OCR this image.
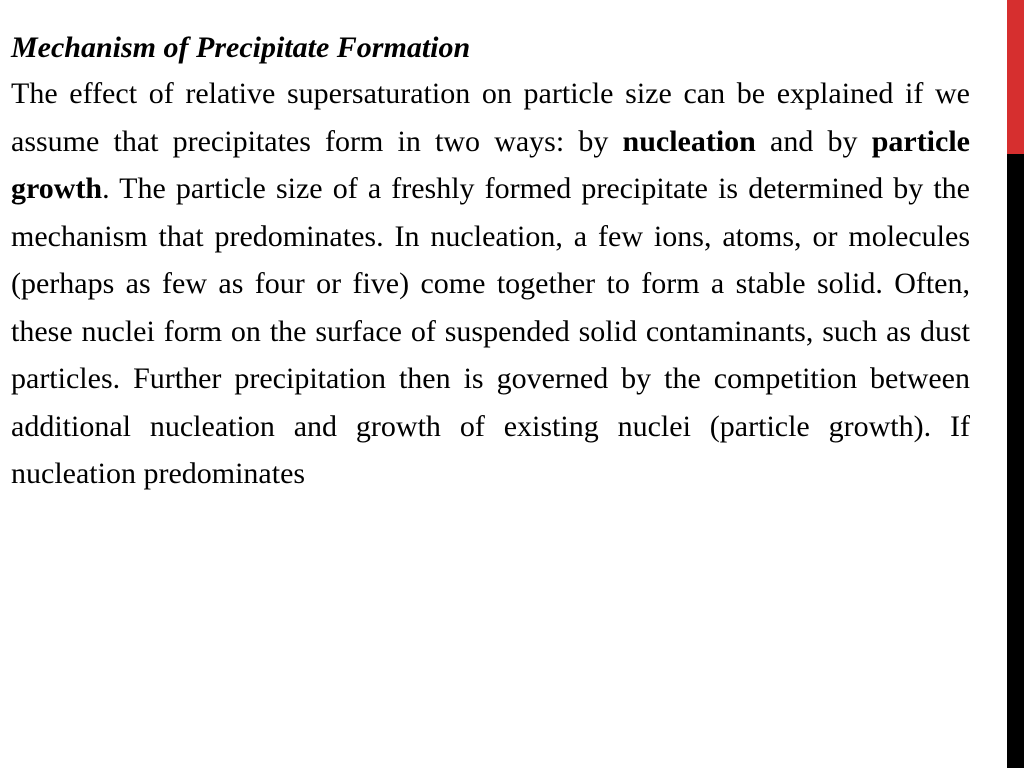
Mechanism of Precipitate Formation

The effect of relative supersaturation on particle size can be explained if we assume that precipitates form in two ways: by nucleation and by particle growth. The particle size of a freshly formed precipitate is determined by the mechanism that predominates. In nucleation, a few ions, atoms, or molecules (perhaps as few as four or five) come together to form a stable solid. Often, these nuclei form on the surface of suspended solid contaminants, such as dust particles. Further precipitation then is governed by the competition between additional nucleation and growth of existing nuclei (particle growth). If nucleation predominates
